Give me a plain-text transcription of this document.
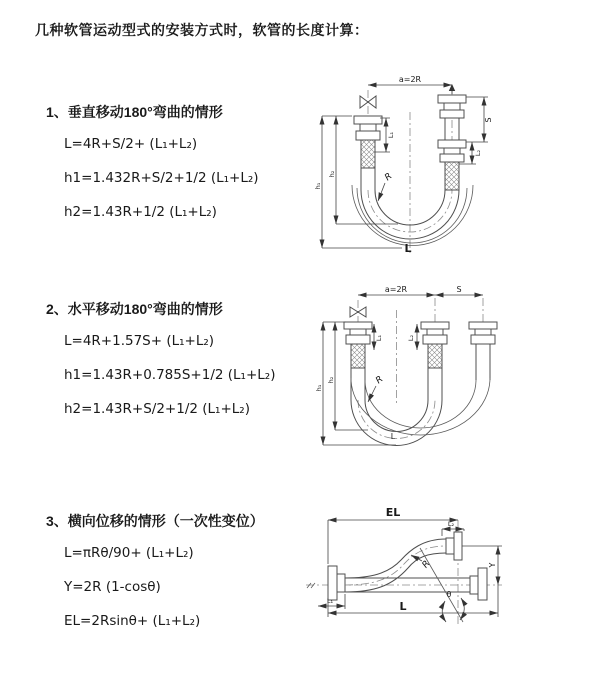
几种软管运动型式的安装方式时，软管的长度计算：
1、垂直移动180°弯曲的情形
L=4R+S/2+ (L₁+L₂)
h1=1.432R+S/2+1/2 (L₁+L₂)
h2=1.43R+1/2 (L₁+L₂)
2、水平移动180°弯曲的情形
L=4R+1.57S+ (L₁+L₂)
h1=1.43R+0.785S+1/2 (L₁+L₂)
h2=1.43R+S/2+1/2 (L₁+L₂)
3、横向位移的情形（一次性变位）
L=πRθ/90+ (L₁+L₂)
Y=2R (1-cosθ)
EL=2Rsinθ+ (L₁+L₂)
a=2R
h₁
h₂
L₁
S
L₂
R
L
a=2R	S
L₁	L₂
h₁
h₂	R
L
EL
L₂
Y
θ
R
L₁	L
